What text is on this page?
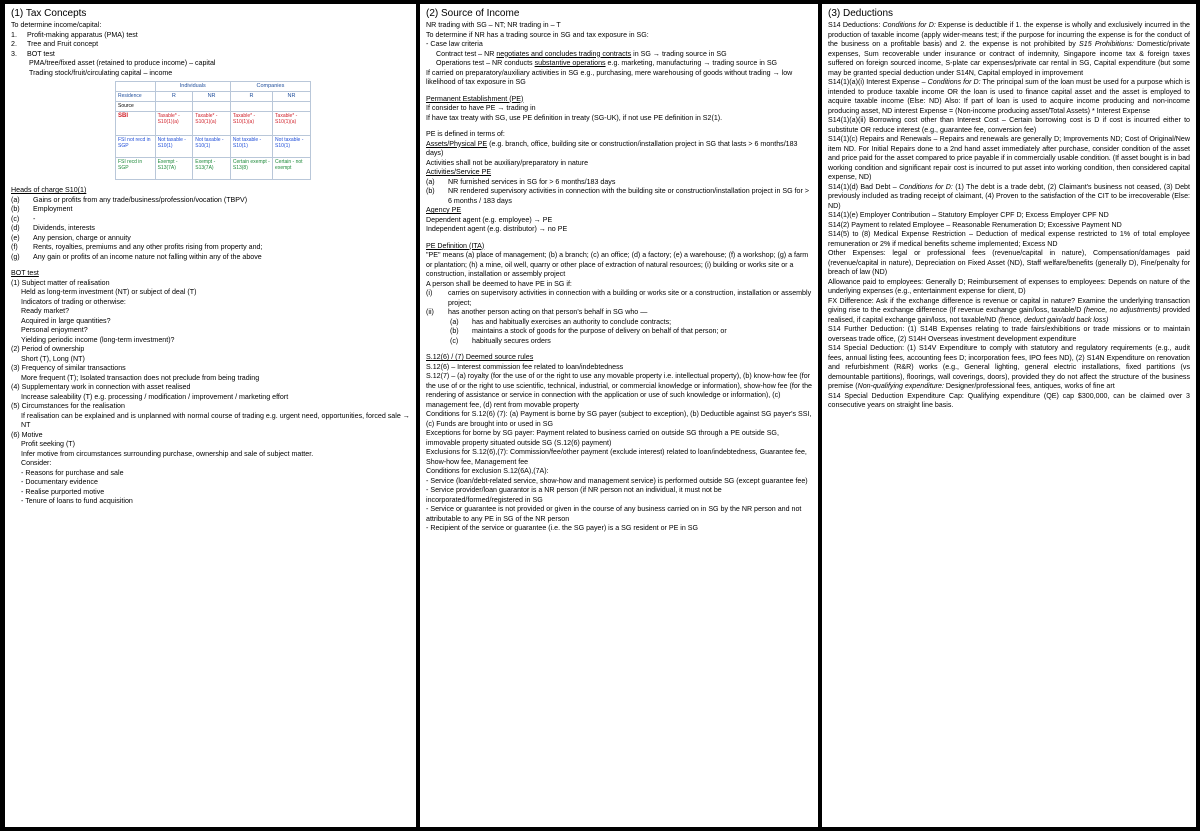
(1) Tax Concepts
To determine income/capital:
1.	Profit-making apparatus (PMA) test
2.	Tree and Fruit concept
3.	BOT test
PMA/tree/fixed asset (retained to produce income) – capital
Trading stock/fruit/circulating capital – income
	Individuals		Companies	
Residence	R	NR	R	NR
Source				
SBI	Taxable* - S10(1)(a)	Taxable* - S10(1)(a)	Taxable* - S10(1)(a)	Taxable* - S10(1)(a)
FSI not recd in SGP	Not taxable - S10(1)	Not taxable - S10(1)	Not taxable - S10(1)	Not taxable - S10(1)
FSI recd in SGP	Exempt - S13(7A)	Exempt - S13(7A)	Certain exempt - S13(8)	Certain - not exempt
Heads of charge S10(1)
(a)	Gains or profits from any trade/business/profession/vocation (TBPV)
(b)	Employment
(c)	-
(d)	Dividends, interests
(e)	Any pension, charge or annuity
(f)	Rents, royalties, premiums and any other profits rising from property and;
(g)	Any gain or profits of an income nature not falling within any of the above
BOT test
(1) Subject matter of realisation
Held as long-term investment (NT) or subject of deal (T)
Indicators of trading or otherwise:
Ready market?
Acquired in large quantities?
Personal enjoyment?
Yielding periodic income (long-term investment)?
(2) Period of ownership
Short (T), Long (NT)
(3) Frequency of similar transactions
More frequent (T); Isolated transaction does not preclude from being trading
(4) Supplementary work in connection with asset realised
Increase saleability (T) e.g. processing / modification / improvement / marketing effort
(5) Circumstances for the realisation
If realisation can be explained and is unplanned with normal course of trading e.g. urgent need, opportunities, forced sale → NT
(6) Motive
Profit seeking (T)
Infer motive from circumstances surrounding purchase, ownership and sale of subject matter.
Consider:
- Reasons for purchase and sale
- Documentary evidence
- Realise purported motive
- Tenure of loans to fund acquisition
(2) Source of Income
NR trading with SG – NT; NR trading in – T
To determine if NR has a trading source in SG and tax exposure in SG:
- Case law criteria
Contract test – NR negotiates and concludes trading contracts in SG → trading source in SG
Operations test – NR conducts substantive operations e.g. marketing, manufacturing → trading source in SG
If carried on preparatory/auxiliary activities in SG e.g., purchasing, mere warehousing of goods without trading → low likelihood of tax exposure in SG
Permanent Establishment (PE)
If consider to have PE → trading in
If have tax treaty with SG, use PE definition in treaty (SG-UK), if not use PE definition in S2(1).
PE is defined in terms of:
Assets/Physical PE (e.g. branch, office, building site or construction/installation project in SG that lasts > 6 months/183 days)
Activities shall not be auxiliary/preparatory in nature
Activities/Service PE
(a)	NR furnished services in SG for > 6 months/183 days
(b)	NR rendered supervisory activities in connection with the building site or construction/installation project in SG for > 6 months / 183 days
Agency PE
Dependent agent (e.g. employee) → PE
Independent agent (e.g. distributor) → no PE
PE Definition (ITA)
"PE" means (a) place of management; (b) a branch; (c) an office; (d) a factory; (e) a warehouse; (f) a workshop; (g) a farm or plantation; (h) a mine, oil well, quarry or other place of extraction of natural resources; (i) building or works site or a construction, installation or assembly project
A person shall be deemed to have PE in SG if:
(i)	carries on supervisory activities in connection with a building or works site or a construction, installation or assembly project;
(ii)	has another person acting on that person's behalf in SG who —
(a)	has and habitually exercises an authority to conclude contracts;
(b)	maintains a stock of goods for the purpose of delivery on behalf of that person; or
(c)	habitually secures orders
S.12(6) / (7) Deemed source rules
S.12(6) – Interest commission fee related to loan/indebtedness
S.12(7) – (a) royalty (for the use of or the right to use any movable property i.e. intellectual property), (b) know-how fee (for the use of or the right to use scientific, technical, industrial, or commercial knowledge or information), show-how fee (for the rendering of assistance or service in connection with the application or use of such knowledge or information), (c) management fee, (d) rent from movable property
Conditions for S.12(6) (7): (a) Payment is borne by SG payer (subject to exception), (b) Deductible against SG payer's SSI, (c) Funds are brought into or used in SG
Exceptions for borne by SG payer: Payment related to business carried on outside SG through a PE outside SG, immovable property situated outside SG (S.12(6) payment)
Exclusions for S.12(6),(7): Commission/fee/other payment (exclude interest) related to loan/indebtedness, Guarantee fee, Show-how fee, Management fee
Conditions for exclusion S.12(6A),(7A):
- Service (loan/debt-related service, show-how and management service) is performed outside SG (except guarantee fee)
- Service provider/loan guarantor is a NR person (if NR person not an individual, it must not be incorporated/formed/registered in SG
- Service or guarantee is not provided or given in the course of any business carried on in SG by the NR person and not attributable to any PE in SG of the NR person
- Recipient of the service or guarantee (i.e. the SG payer) is a SG resident or PE in SG
(3) Deductions
S14 Deductions: Conditions for D: Expense is deductible if 1. the expense is wholly and exclusively incurred in the production of taxable income (apply wider-means test; if the purpose for incurring the expense is for the conduct of the business on a profitable basis) and 2. the expense is not prohibited by S15 Prohibitions: Domestic/private expenses, Sum recoverable under insurance or contract of indemnity, Singapore income tax & foreign taxes suffered on foreign sourced income, S-plate car expenses/private car rental in SG, Capital expenditure (but some may be granted special deduction under S14N, Capital employed in improvement
S14(1)(a)(i) Interest Expense – Conditions for D: The principal sum of the loan must be used for a purpose which is intended to produce taxable income OR the loan is used to finance capital asset and the asset is employed to acquire taxable income (Else: ND) Also: If part of loan is used to acquire income producing and non-income producing asset, ND interest Expense = (Non-income producing asset/Total Assets) * Interest Expense
S14(1)(a)(ii) Borrowing cost other than Interest Cost – Certain borrowing cost is D if cost is incurred either to substitute OR reduce interest (e.g., guarantee fee, conversion fee)
S14(1)(c) Repairs and Renewals – Repairs and renewals are generally D; Improvements ND; Cost of Original/New item ND. For Initial Repairs done to a 2nd hand asset immediately after purchase, consider condition of the asset and price paid for the asset compared to price payable if in commercially usable condition. (If asset bought is in bad working condition and significant repair cost is incurred to put asset into working condition, then considered capital expense, ND)
S14(1)(d) Bad Debt – Conditions for D: (1) The debt is a trade debt, (2) Claimant's business not ceased, (3) Debt previously included as trading receipt of claimant, (4) Proven to the satisfaction of the CIT to be irrecoverable (Else: ND)
S14(1)(e) Employer Contribution – Statutory Employer CPF D; Excess Employer CPF ND
S14(2) Payment to related Employee – Reasonable Renumeration D; Excessive Payment ND
S14(5) to (8) Medical Expense Restriction – Deduction of medical expense restricted to 1% of total employee remuneration or 2% if medical benefits scheme implemented; Excess ND
Other Expenses: legal or professional fees (revenue/capital in nature), Compensation/damages paid (revenue/capital in nature), Depreciation on Fixed Asset (ND), Staff welfare/benefits (generally D), Fine/penalty for breach of law (ND)
Allowance paid to employees: Generally D; Reimbursement of expenses to employees: Depends on nature of the underlying expenses (e.g., entertainment expense for client, D)
FX Difference: Ask if the exchange difference is revenue or capital in nature? Examine the underlying transaction giving rise to the exchange difference (If revenue exchange gain/loss, taxable/D (hence, no adjustments) provided realised, if capital exchange gain/loss, not taxable/ND (hence, deduct gain/add back loss)
S14 Further Deduction: (1) S14B Expenses relating to trade fairs/exhibitions or trade missions or to maintain overseas trade office, (2) S14H Overseas investment development expenditure
S14 Special Deduction: (1) S14V Expenditure to comply with statutory and regulatory requirements (e.g., audit fees, annual listing fees, accounting fees D; incorporation fees, IPO fees ND), (2) S14N Expenditure on renovation and refurbishment (R&R) works (e.g., General lighting, general electric installations, fixed partitions (vs demountable partitions), floorings, wall coverings, doors), provided they do not affect the structure of the business premise (Non-qualifying expenditure: Designer/professional fees, antiques, works of fine art
S14 Special Deduction Expenditure Cap: Qualifying expenditure (QE) cap $300,000, can be claimed over 3 consecutive years on straight line basis.
